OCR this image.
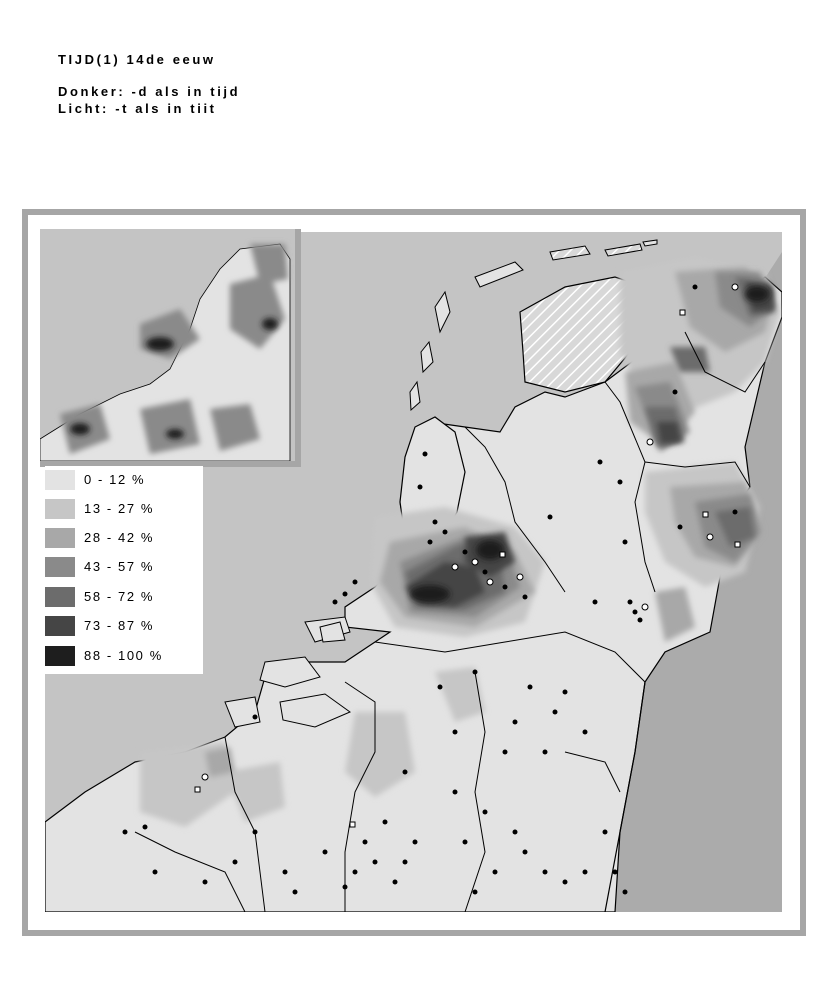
TIJD(1) 14de eeuw
Donker: -d als in tijd
Licht: -t als in tiit
0 - 12 %
13 - 27 %
28 - 42 %
43 - 57 %
58 - 72 %
73 - 87 %
88 - 100 %
